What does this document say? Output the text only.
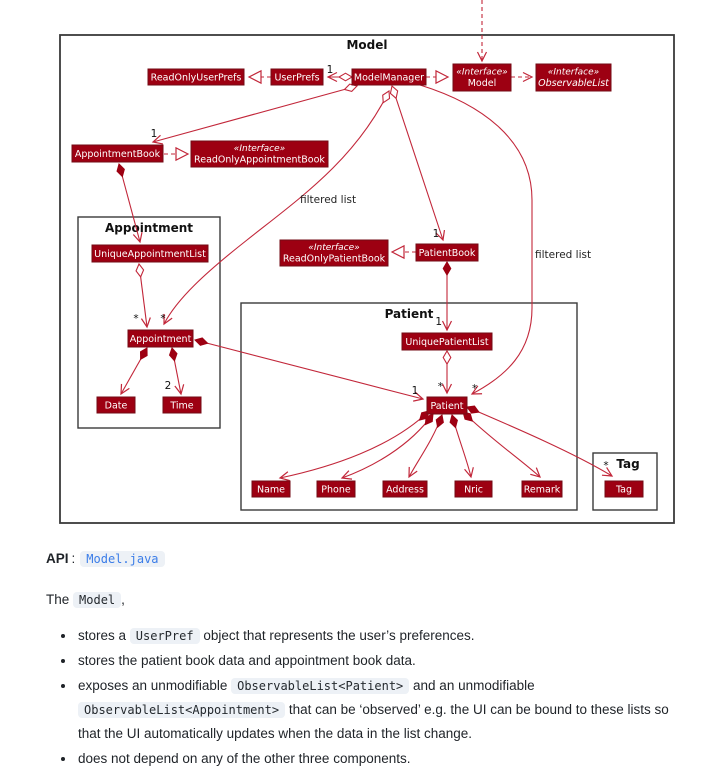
Model
Appointment
Patient
Tag
1
1
filtered list
filtered list
1
* *
2
1
1 *	*
*
ReadOnlyUserPrefs	UserPrefs	ModelManager	«Interface»
Model
«Interface»
ObservableList
AppointmentBook	«Interface»
ReadOnlyAppointmentBook
UniqueAppointmentList
Appointment
Date	Time
«Interface»
ReadOnlyPatientBook	PatientBook
UniquePatientList
Patient
Name	Phone	Address	Nric	Remark	Tag

API : Model.java

The Model ,

• stores a UserPref object that represents the user’s preferences.
• stores the patient book data and appointment book data.
• exposes an unmodifiable ObservableList<Patient> and an unmodifiable ObservableList<Appointment> that can be ‘observed’ e.g. the UI can be bound to these lists so that the UI automatically updates when the data in the list change.
• does not depend on any of the other three components.
